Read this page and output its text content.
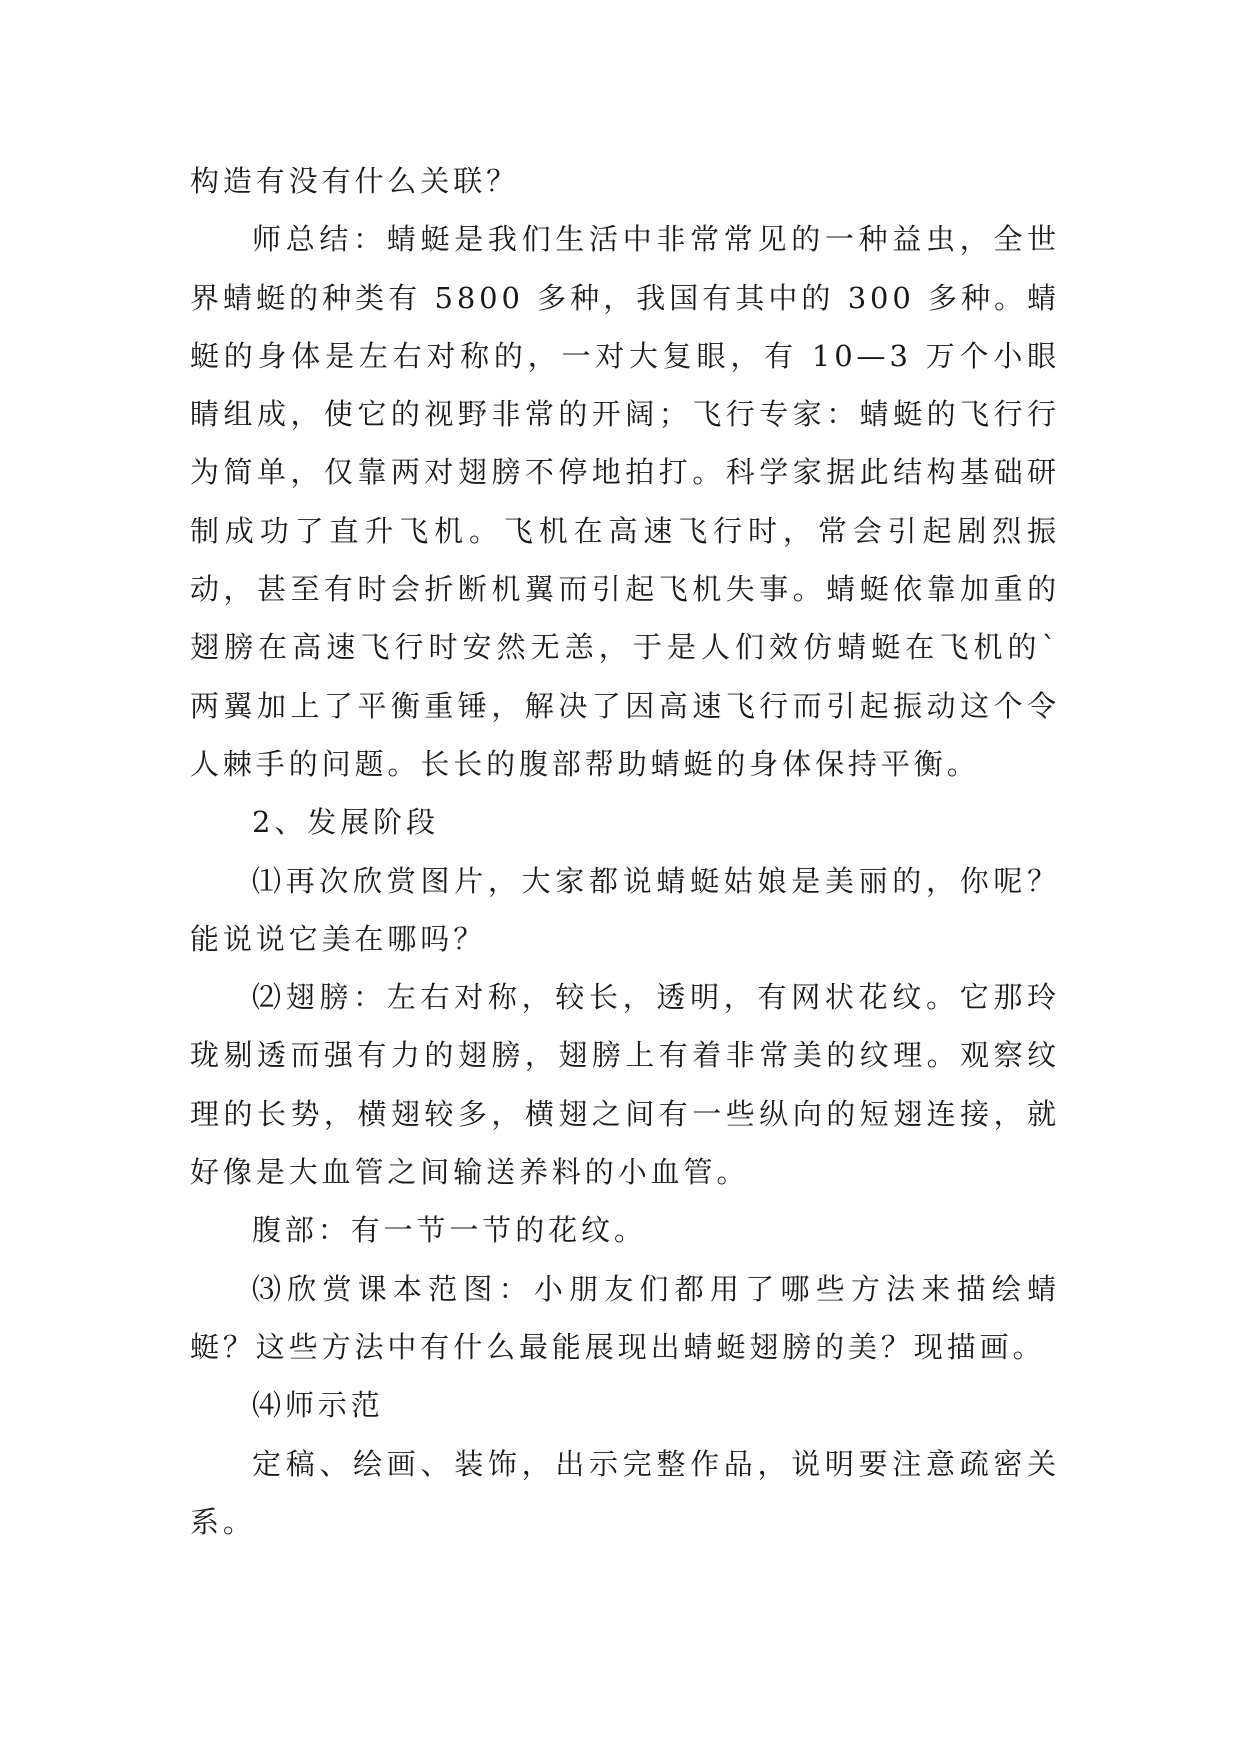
构造有没有什么关联？

师总结：蜻蜓是我们生活中非常常见的一种益虫，全世界蜻蜓的种类有 5800 多种，我国有其中的 300 多种。蜻蜓的身体是左右对称的，一对大复眼，有 10—3 万个小眼睛组成，使它的视野非常的开阔；飞行专家：蜻蜓的飞行行为简单，仅靠两对翅膀不停地拍打。科学家据此结构基础研制成功了直升飞机。飞机在高速飞行时，常会引起剧烈振动，甚至有时会折断机翼而引起飞机失事。蜻蜓依靠加重的翅膀在高速飞行时安然无恙，于是人们效仿蜻蜓在飞机的`两翼加上了平衡重锤，解决了因高速飞行而引起振动这个令人棘手的问题。长长的腹部帮助蜻蜓的身体保持平衡。

2、发展阶段

⑴再次欣赏图片，大家都说蜻蜓姑娘是美丽的，你呢？能说说它美在哪吗？

⑵翅膀：左右对称，较长，透明，有网状花纹。它那玲珑剔透而强有力的翅膀，翅膀上有着非常美的纹理。观察纹理的长势，横翅较多，横翅之间有一些纵向的短翅连接，就好像是大血管之间输送养料的小血管。

腹部：有一节一节的花纹。

⑶欣赏课本范图：小朋友们都用了哪些方法来描绘蜻蜓？这些方法中有什么最能展现出蜻蜓翅膀的美？现描画。

⑷师示范

定稿、绘画、装饰，出示完整作品，说明要注意疏密关系。
